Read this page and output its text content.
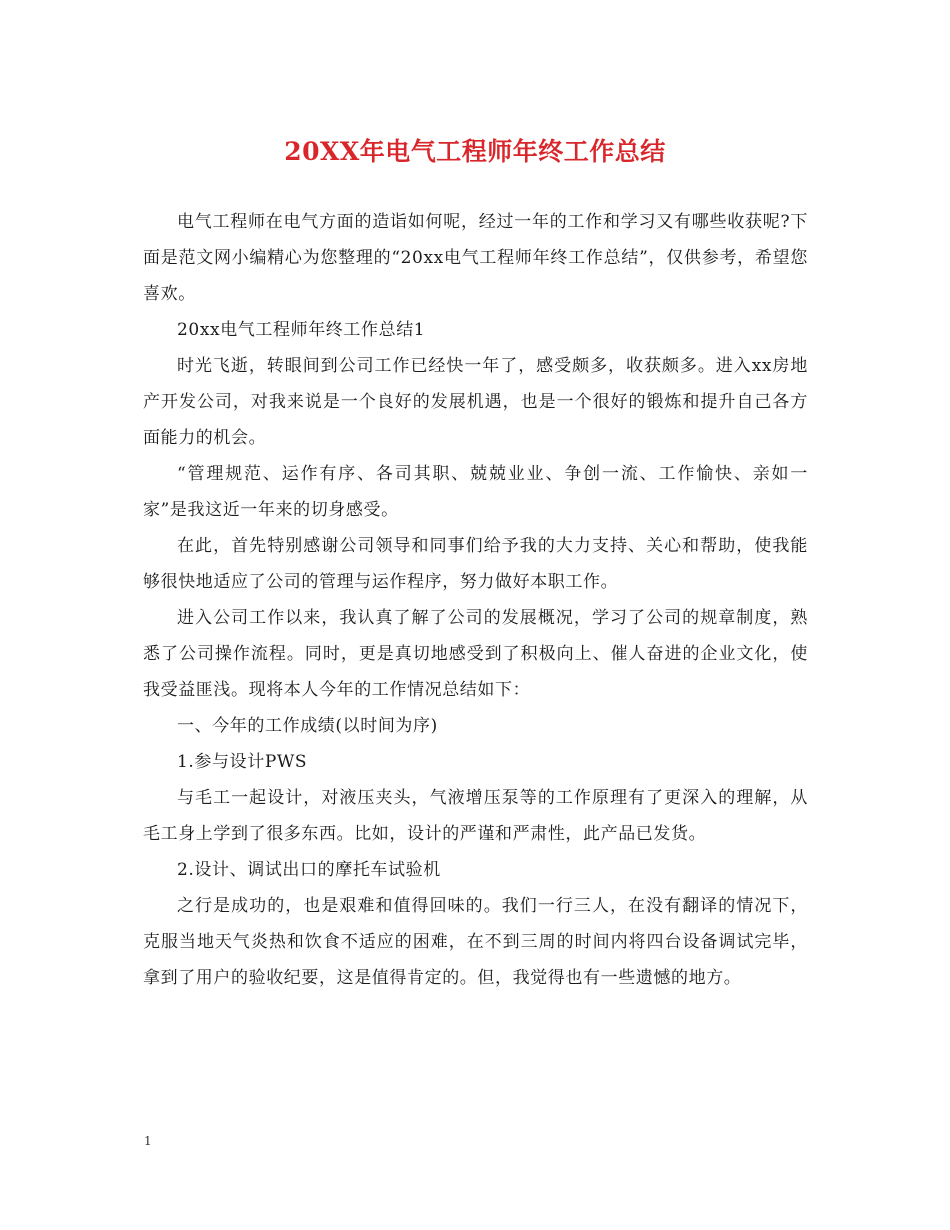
20XX年电气工程师年终工作总结

电气工程师在电气方面的造诣如何呢，经过一年的工作和学习又有哪些收获呢?下面是范文网小编精心为您整理的“20xx电气工程师年终工作总结”，仅供参考，希望您喜欢。

20xx电气工程师年终工作总结1

时光飞逝，转眼间到公司工作已经快一年了，感受颇多，收获颇多。进入xx房地产开发公司，对我来说是一个良好的发展机遇，也是一个很好的锻炼和提升自己各方面能力的机会。

“管理规范、运作有序、各司其职、兢兢业业、争创一流、工作愉快、亲如一家”是我这近一年来的切身感受。

在此，首先特别感谢公司领导和同事们给予我的大力支持、关心和帮助，使我能够很快地适应了公司的管理与运作程序，努力做好本职工作。

进入公司工作以来，我认真了解了公司的发展概况，学习了公司的规章制度，熟悉了公司操作流程。同时，更是真切地感受到了积极向上、催人奋进的企业文化，使我受益匪浅。现将本人今年的工作情况总结如下：

一、今年的工作成绩(以时间为序)

1.参与设计PWS

与毛工一起设计，对液压夹头，气液增压泵等的工作原理有了更深入的理解，从毛工身上学到了很多东西。比如，设计的严谨和严肃性，此产品已发货。

2.设计、调试出口的摩托车试验机

之行是成功的，也是艰难和值得回味的。我们一行三人，在没有翻译的情况下，克服当地天气炎热和饮食不适应的困难，在不到三周的时间内将四台设备调试完毕，拿到了用户的验收纪要，这是值得肯定的。但，我觉得也有一些遗憾的地方。

1
